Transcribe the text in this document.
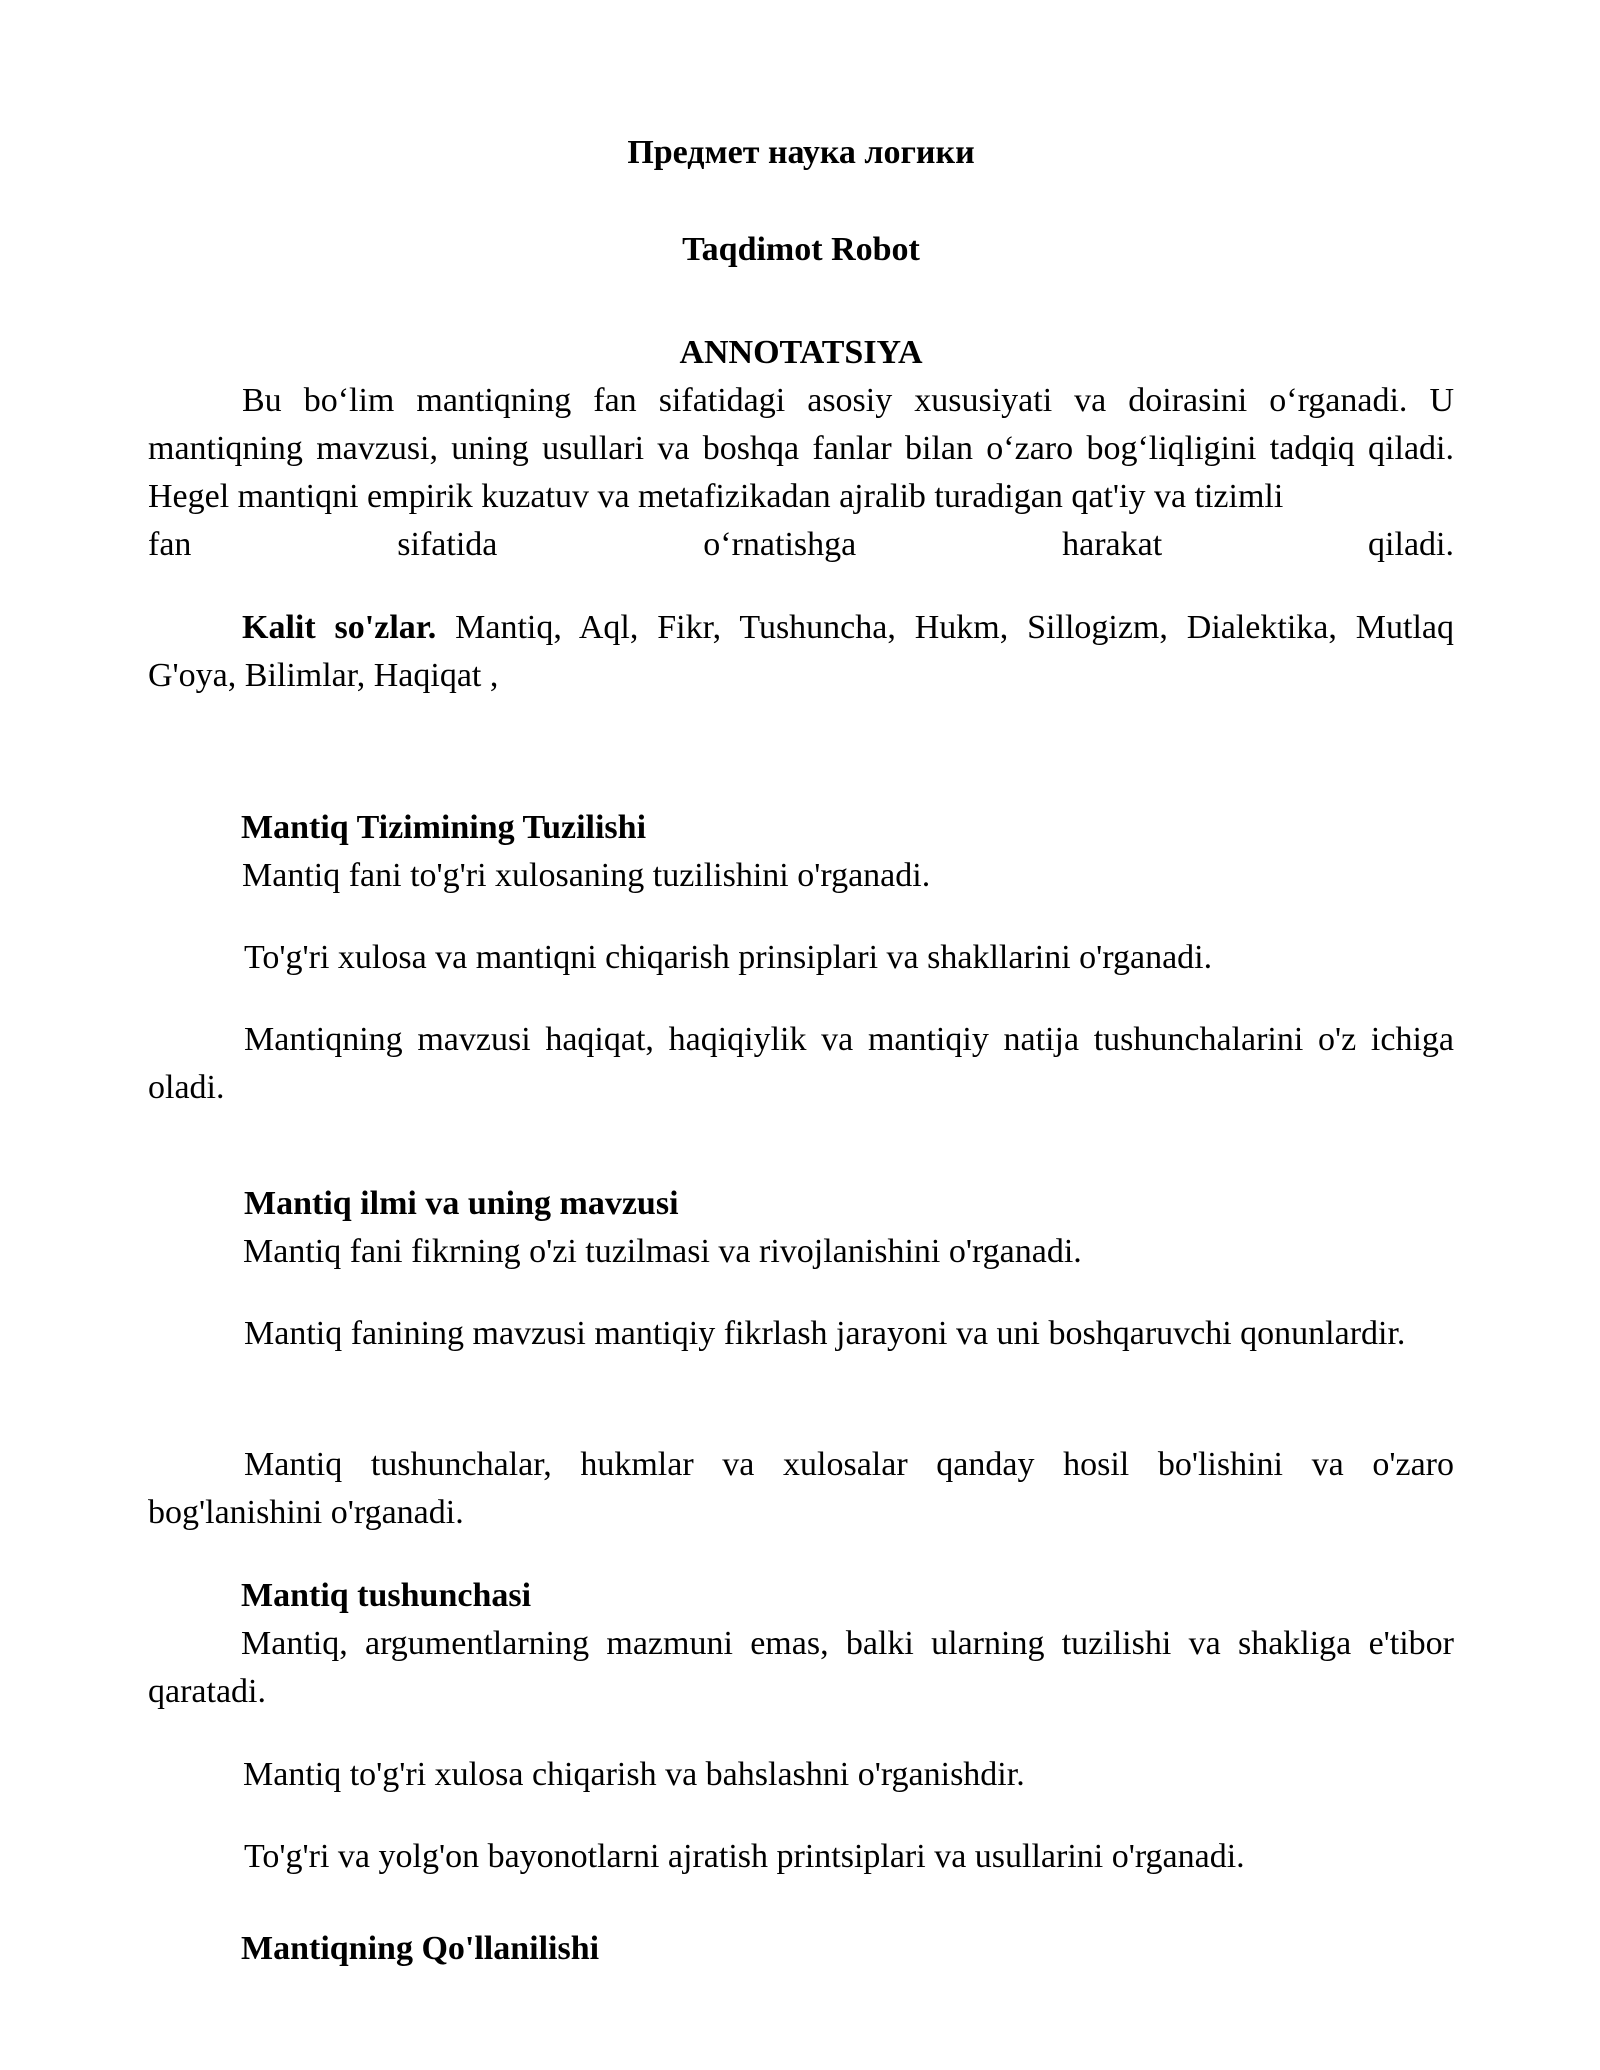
Предмет наука логики

Taqdimot Robot

ANNOTATSIYA

Bu bo‘lim mantiqning fan sifatidagi asosiy xususiyati va doirasini o‘rganadi. U mantiqning mavzusi, uning usullari va boshqa fanlar bilan o‘zaro bog‘liqligini tadqiq qiladi. Hegel mantiqni empirik kuzatuv va metafizikadan ajralib turadigan qat'iy va tizimli

fan sifatida o‘rnatishga harakat qiladi.

Kalit so'zlar. Mantiq, Aql, Fikr, Tushuncha, Hukm, Sillogizm, Dialektika, Mutlaq G'oya, Bilimlar, Haqiqat ,

Mantiq Tizimining Tuzilishi

Mantiq fani to'g'ri xulosaning tuzilishini o'rganadi.

To'g'ri xulosa va mantiqni chiqarish prinsiplari va shakllarini o'rganadi.

Mantiqning mavzusi haqiqat, haqiqiylik va mantiqiy natija tushunchalarini o'z ichiga oladi.

Mantiq ilmi va uning mavzusi

Mantiq fani fikrning o'zi tuzilmasi va rivojlanishini o'rganadi.

Mantiq fanining mavzusi mantiqiy fikrlash jarayoni va uni boshqaruvchi qonunlardir.

Mantiq tushunchalar, hukmlar va xulosalar qanday hosil bo'lishini va o'zaro bog'lanishini o'rganadi.

Mantiq tushunchasi

Mantiq, argumentlarning mazmuni emas, balki ularning tuzilishi va shakliga e'tibor qaratadi.

Mantiq to'g'ri xulosa chiqarish va bahslashni o'rganishdir.

To'g'ri va yolg'on bayonotlarni ajratish printsiplari va usullarini o'rganadi.

Mantiqning Qo'llanilishi
